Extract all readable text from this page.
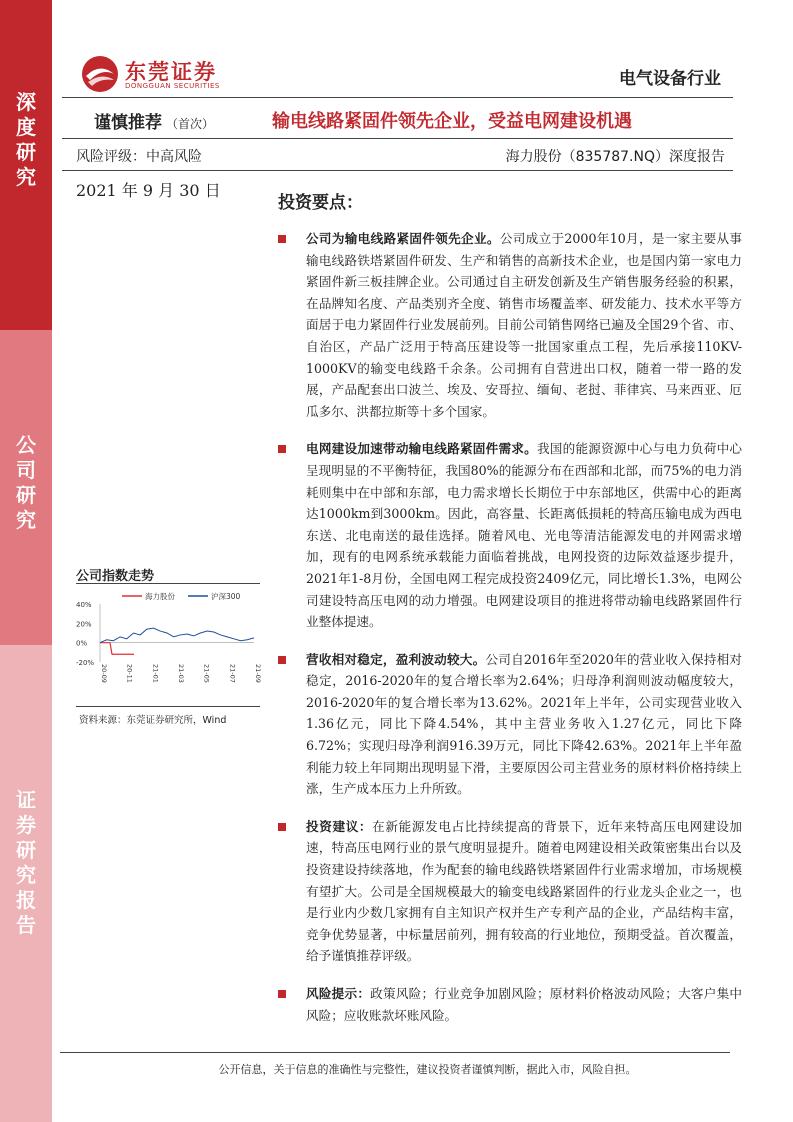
深
度
研
究
公
司
研
究
证
券
研
究
报
告
东莞证券
DONGGUAN SECURITIES	电气设备行业
谨慎推荐 （首次）	输电线路紧固件领先企业，受益电网建设机遇
风险评级：中高风险	海力股份（835787.NQ）深度报告
2021 年 9 月 30 日
投资要点：
公司为输电线路紧固件领先企业。公司成立于2000年10月，是一家主要从事输电线路铁塔紧固件研发、生产和销售的高新技术企业，也是国内第一家电力紧固件新三板挂牌企业。公司通过自主研发创新及生产销售服务经验的积累，在品牌知名度、产品类别齐全度、销售市场覆盖率、研发能力、技术水平等方面居于电力紧固件行业发展前列。目前公司销售网络已遍及全国29个省、市、自治区，产品广泛用于特高压建设等一批国家重点工程，先后承接110KV-1000KV的输变电线路千余条。公司拥有自营进出口权，随着一带一路的发展，产品配套出口波兰、埃及、安哥拉、缅甸、老挝、菲律宾、马来西亚、厄瓜多尔、洪都拉斯等十多个国家。
电网建设加速带动输电线路紧固件需求。我国的能源资源中心与电力负荷中心呈现明显的不平衡特征，我国80%的能源分布在西部和北部，而75%的电力消耗则集中在中部和东部，电力需求增长长期位于中东部地区，供需中心的距离达1000km到3000km。因此，高容量、长距离低损耗的特高压输电成为西电东送、北电南送的最佳选择。随着风电、光电等清洁能源发电的并网需求增加，现有的电网系统承载能力面临着挑战，电网投资的边际效益逐步提升，2021年1-8月份，全国电网工程完成投资2409亿元，同比增长1.3%，电网公司建设特高压电网的动力增强。电网建设项目的推进将带动输电线路紧固件行业整体提速。
营收相对稳定，盈利波动较大。公司自2016年至2020年的营业收入保持相对稳定，2016-2020年的复合增长率为2.64%；归母净利润则波动幅度较大，2016-2020年的复合增长率为13.62%。2021年上半年，公司实现营业收入1.36亿元，同比下降4.54%，其中主营业务收入1.27亿元，同比下降6.72%；实现归母净利润916.39万元，同比下降42.63%。2021年上半年盈利能力较上年同期出现明显下滑，主要原因公司主营业务的原材料价格持续上涨，生产成本压力上升所致。
投资建议：在新能源发电占比持续提高的背景下，近年来特高压电网建设加速，特高压电网行业的景气度明显提升。随着电网建设相关政策密集出台以及投资建设持续落地，作为配套的输电线路铁塔紧固件行业需求增加，市场规模有望扩大。公司是全国规模最大的输变电线路紧固件的行业龙头企业之一，也是行业内少数几家拥有自主知识产权并生产专利产品的企业，产品结构丰富，竞争优势显著，中标量居前列，拥有较高的行业地位，预期受益。首次覆盖，给予谨慎推荐评级。
风险提示：政策风险；行业竞争加剧风险；原材料价格波动风险；大客户集中风险；应收账款坏账风险。
公司指数走势
40%
20%
0%
-20%
20-09	20-11	21-01	21-03	21-05	21-07	21-09
海力股份	沪深300
资料来源：东莞证券研究所，Wind
公开信息，关于信息的准确性与完整性，建议投资者谨慎判断，据此入市，风险自担。
